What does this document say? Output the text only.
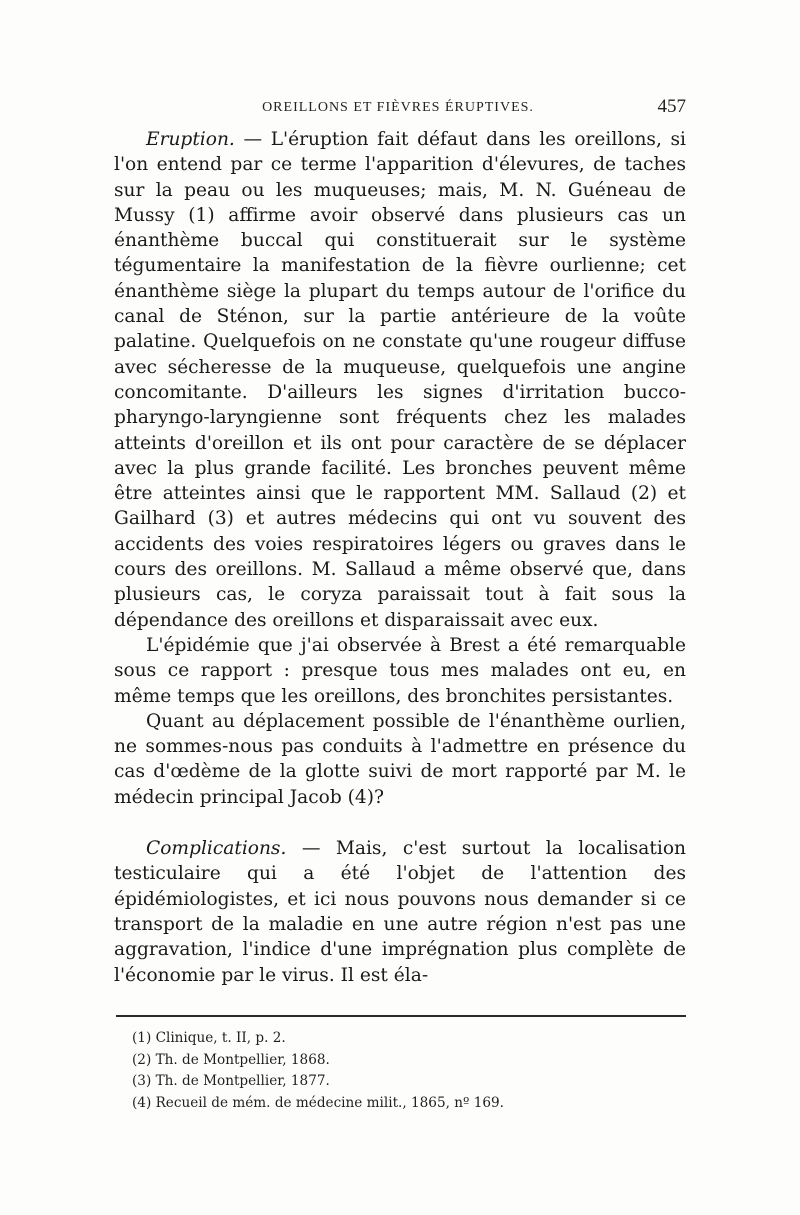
OREILLONS ET FIÈVRES ÉRUPTIVES.	457

Eruption. — L'éruption fait défaut dans les oreillons, si l'on entend par ce terme l'apparition d'élevures, de taches sur la peau ou les muqueuses; mais, M. N. Guéneau de Mussy (1) affirme avoir observé dans plusieurs cas un énanthème buccal qui constituerait sur le système tégumentaire la manifestation de la fièvre ourlienne; cet énanthème siège la plupart du temps autour de l'orifice du canal de Sténon, sur la partie antérieure de la voûte palatine. Quelquefois on ne constate qu'une rougeur diffuse avec sécheresse de la muqueuse, quelquefois une angine concomitante. D'ailleurs les signes d'irritation bucco-pharyngo-laryngienne sont fréquents chez les malades atteints d'oreillon et ils ont pour caractère de se déplacer avec la plus grande facilité. Les bronches peuvent même être atteintes ainsi que le rapportent MM. Sallaud (2) et Gailhard (3) et autres médecins qui ont vu souvent des accidents des voies respiratoires légers ou graves dans le cours des oreillons. M. Sallaud a même observé que, dans plusieurs cas, le coryza paraissait tout à fait sous la dépendance des oreillons et disparaissait avec eux.

L'épidémie que j'ai observée à Brest a été remarquable sous ce rapport : presque tous mes malades ont eu, en même temps que les oreillons, des bronchites persistantes.

Quant au déplacement possible de l'énanthème ourlien, ne sommes-nous pas conduits à l'admettre en présence du cas d'œdème de la glotte suivi de mort rapporté par M. le médecin principal Jacob (4)?

Complications. — Mais, c'est surtout la localisation testiculaire qui a été l'objet de l'attention des épidémiologistes, et ici nous pouvons nous demander si ce transport de la maladie en une autre région n'est pas une aggravation, l'indice d'une imprégnation plus complète de l'économie par le virus. Il est éla-

(1) Clinique, t. II, p. 2.
(2) Th. de Montpellier, 1868.
(3) Th. de Montpellier, 1877.
(4) Recueil de mém. de médecine milit., 1865, nº 169.
